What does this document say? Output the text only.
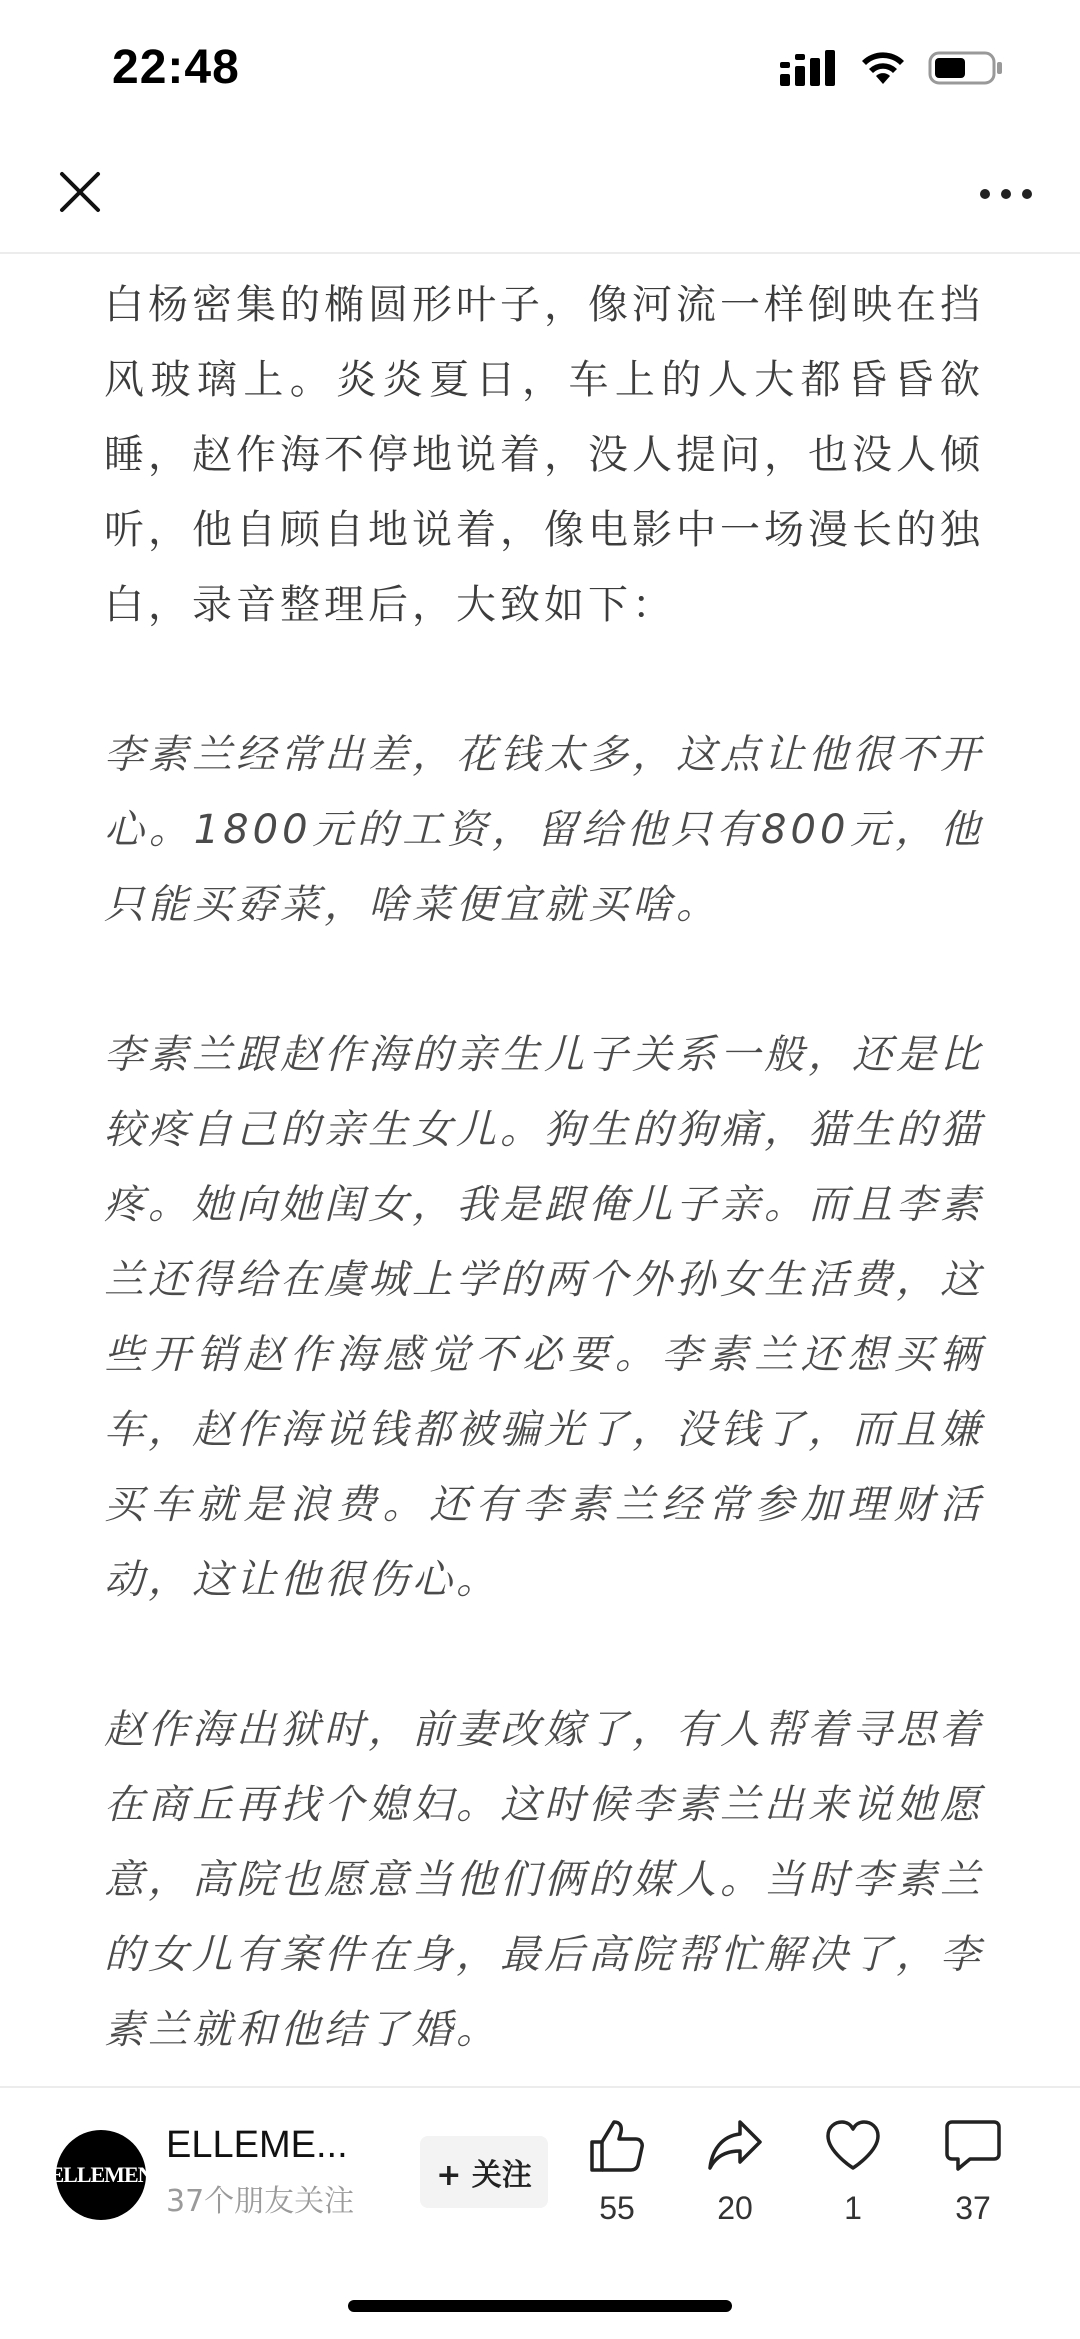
22:48

白杨密集的椭圆形叶子，像河流一样倒映在挡风玻璃上。炎炎夏日，车上的人大都昏昏欲睡，赵作海不停地说着，没人提问，也没人倾听，他自顾自地说着，像电影中一场漫长的独白，录音整理后，大致如下：

李素兰经常出差，花钱太多，这点让他很不开心。1800元的工资，留给他只有800元，他只能买孬菜，啥菜便宜就买啥。

李素兰跟赵作海的亲生儿子关系一般，还是比较疼自己的亲生女儿。狗生的狗痛，猫生的猫疼。她向她闺女，我是跟俺儿子亲。而且李素兰还得给在虞城上学的两个外孙女生活费，这些开销赵作海感觉不必要。李素兰还想买辆车，赵作海说钱都被骗光了，没钱了，而且嫌买车就是浪费。还有李素兰经常参加理财活动，这让他很伤心。

赵作海出狱时，前妻改嫁了，有人帮着寻思着在商丘再找个媳妇。这时候李素兰出来说她愿意，高院也愿意当他们俩的媒人。当时李素兰的女儿有案件在身，最后高院帮忙解决了，李素兰就和他结了婚。

ELLEMEN
ELLEME...
37个朋友关注
+ 关注
55	20	1	37
